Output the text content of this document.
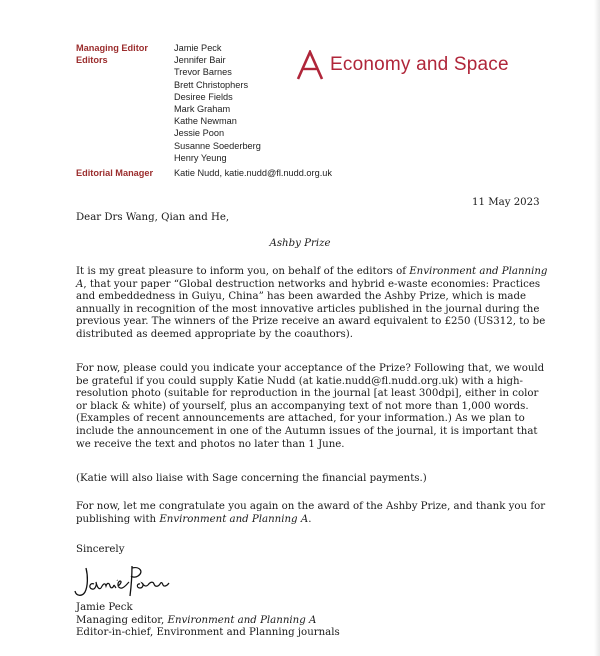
Managing Editor	Jamie Peck
Editors	Jennifer Bair
Trevor Barnes
Brett Christophers
Desiree Fields
Mark Graham
Kathe Newman
Jessie Poon
Susanne Soederberg
Henry Yeung
Editorial Manager	Katie Nudd, katie.nudd@fl.nudd.org.uk
Economy and Space
11 May 2023
Dear Drs Wang, Qian and He,
Ashby Prize

It is my great pleasure to inform you, on behalf of the editors of Environment and Planning A, that your paper “Global destruction networks and hybrid e-waste economies: Practices and embeddedness in Guiyu, China” has been awarded the Ashby Prize, which is made annually in recognition of the most innovative articles published in the journal during the previous year. The winners of the Prize receive an award equivalent to £250 (US312, to be distributed as deemed appropriate by the coauthors).

For now, please could you indicate your acceptance of the Prize? Following that, we would be grateful if you could supply Katie Nudd (at katie.nudd@fl.nudd.org.uk) with a high-resolution photo (suitable for reproduction in the journal [at least 300dpi], either in color or black & white) of yourself, plus an accompanying text of not more than 1,000 words. (Examples of recent announcements are attached, for your information.) As we plan to include the announcement in one of the Autumn issues of the journal, it is important that we receive the text and photos no later than 1 June.

(Katie will also liaise with Sage concerning the financial payments.)

For now, let me congratulate you again on the award of the Ashby Prize, and thank you for publishing with Environment and Planning A.

Sincerely

Jamie Peck
Managing editor, Environment and Planning A
Editor-in-chief, Environment and Planning journals
